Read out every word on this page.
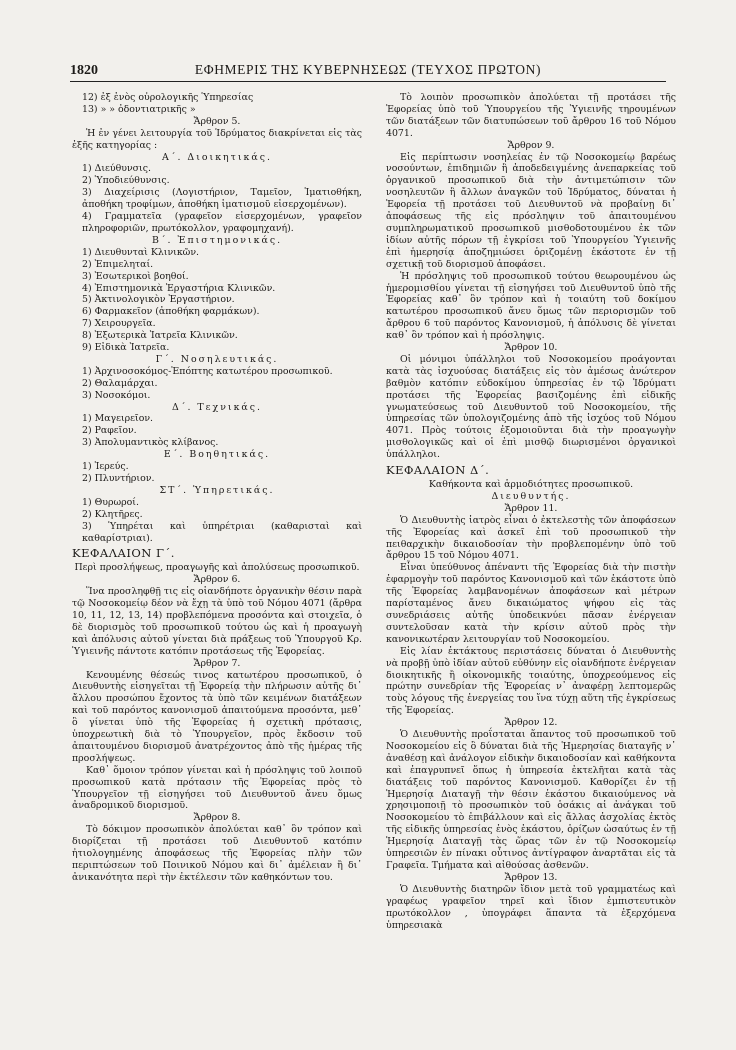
1820	ΕΦΗΜΕΡΙΣ ΤΗΣ ΚΥΒΕΡΝΗΣΕΩΣ (ΤΕΥΧΟΣ ΠΡΩΤΟΝ)

12) ἐξ ἑνὸς οὐρολογικῆς Ὑπηρεσίας

13) » » ὀδοντιατρικῆς »

Ἄρθρον 5.

Ἡ ἐν γένει λειτουργία τοῦ Ἱδρύματος διακρίνεται εἰς τὰς ἑξῆς κατηγορίας :

Α΄. Διοικητικάς.

1) Διεύθυνσις.

2) Ὑποδιεύθυνσις.

3) Διαχείρισις (Λογιστήριον, Ταμεῖον, Ἱματιοθήκη, ἀποθήκη τροφίμων, ἀποθήκη ἱματισμοῦ εἰσερχομένων).

4) Γραμματεῖα (γραφεῖον εἰσερχομένων, γραφεῖον πληροφοριῶν, πρωτόκολλον, γραφομηχανή).

Β΄. Ἐπιστημονικάς.

1) Διευθυνταὶ Κλινικῶν.

2) Ἐπιμεληταί.

3) Ἐσωτερικοὶ βοηθοί.

4) Ἐπιστημονικὰ Ἐργαστήρια Κλινικῶν.

5) Ἀκτινολογικὸν Ἐργαστήριον.

6) Φαρμακεῖον (ἀποθήκη φαρμάκων).

7) Χειρουργεῖα.

8) Ἐξωτερικὰ Ἰατρεῖα Κλινικῶν.

9) Εἰδικὰ Ἰατρεῖα.

Γ΄. Νοσηλευτικάς.

1) Ἀρχινοσοκόμος-Ἐπόπτης κατωτέρου προσωπικοῦ.

2) Θαλαμάρχαι.

3) Νοσοκόμοι.

Δ΄. Τεχνικάς.

1) Μαγειρεῖον.

2) Ραφεῖον.

3) Ἀπολυμαντικὸς κλίβανος.

Ε΄. Βοηθητικάς.

1) Ἱερεύς.

2) Πλυντήριον.

ΣΤ΄. Ὑπηρετικάς.

1) Θυρωροί.

2) Κλητῆρες.

3) Ὑπηρέται καὶ ὑπηρέτριαι (καθαρισταὶ καὶ καθαρίστριαι).

ΚΕΦΑΛΑΙΟΝ Γ΄.

Περὶ προσλήψεως, προαγωγῆς καὶ ἀπολύσεως προσωπικοῦ.

Ἄρθρον 6.

Ἵνα προσληφθῇ τις εἰς οἱανδήποτε ὀργανικὴν θέσιν παρὰ τῷ Νοσοκομείῳ δέον νὰ ἔχῃ τὰ ὑπὸ τοῦ Νόμου 4071 (ἄρθρα 10, 11, 12, 13, 14) προβλεπόμενα προσόντα καὶ στοιχεῖα, ὁ δὲ διορισμὸς τοῦ προσωπικοῦ τούτου ὡς καὶ ἡ προαγωγὴ καὶ ἀπόλυσις αὐτοῦ γίνεται διὰ πράξεως τοῦ Ὑπουργοῦ Κρ. Ὑγιεινῆς πάντοτε κατόπιν προτάσεως τῆς Ἐφορείας.

Ἄρθρον 7.

Κενουμένης θέσεώς τινος κατωτέρου προσωπικοῦ, ὁ Διευθυντὴς εἰσηγεῖται τῇ Ἐφορείᾳ τὴν πλήρωσιν αὐτῆς δι᾽ ἄλλου προσώπου ἔχοντος τὰ ὑπὸ τῶν κειμένων διατάξεων καὶ τοῦ παρόντος κανονισμοῦ ἀπαιτούμενα προσόντα, μεθ᾽ ὃ γίνεται ὑπὸ τῆς Ἐφορείας ἡ σχετικὴ πρότασις, ὑποχρεωτικὴ διὰ τὸ Ὑπουργεῖον, πρὸς ἔκδοσιν τοῦ ἀπαιτουμένου διορισμοῦ ἀνατρέχοντος ἀπὸ τῆς ἡμέρας τῆς προσλήψεως.

Καθ᾽ ὅμοιον τρόπον γίνεται καὶ ἡ πρόσληψις τοῦ λοιποῦ προσωπικοῦ κατὰ πρότασιν τῆς Ἐφορείας πρὸς τὸ Ὑπουργεῖον τῇ εἰσηγήσει τοῦ Διευθυντοῦ ἄνευ ὅμως ἀναδρομικοῦ διορισμοῦ.

Ἄρθρον 8.

Τὸ δόκιμον προσωπικὸν ἀπολύεται καθ᾽ ὃν τρόπον καὶ διορίζεται τῇ προτάσει τοῦ Διευθυντοῦ κατόπιν ἠτιολογημένης ἀποφάσεως τῆς Ἐφορείας πλὴν τῶν περιπτώσεων τοῦ Ποινικοῦ Νόμου καὶ δι᾽ ἀμέλειαν ἢ δι᾽ ἀνικανότητα περὶ τὴν ἐκτέλεσιν τῶν καθηκόντων του.

Τὸ λοιπὸν προσωπικὸν ἀπολύεται τῇ προτάσει τῆς Ἐφορείας ὑπὸ τοῦ Ὑπουργείου τῆς Ὑγιεινῆς τηρουμένων τῶν διατάξεων τῶν διατυπώσεων τοῦ ἄρθρου 16 τοῦ Νόμου 4071.

Ἄρθρον 9.

Εἰς περίπτωσιν νοσηλείας ἐν τῷ Νοσοκομείῳ βαρέως νοσούντων, ἐπιδημιῶν ἢ ἀποδεδειγμένης ἀνεπαρκείας τοῦ ὀργανικοῦ προσωπικοῦ διὰ τὴν ἀντιμετώπισιν τῶν νοσηλευτῶν ἢ ἄλλων ἀναγκῶν τοῦ Ἱδρύματος, δύναται ἡ Ἐφορεία τῇ προτάσει τοῦ Διευθυντοῦ νὰ προβαίνῃ δι᾽ ἀποφάσεως τῆς εἰς πρόσληψιν τοῦ ἀπαιτουμένου συμπληρωματικοῦ προσωπικοῦ μισθοδοτουμένου ἐκ τῶν ἰδίων αὐτῆς πόρων τῇ ἐγκρίσει τοῦ Ὑπουργείου Ὑγιεινῆς ἐπὶ ἡμερησίᾳ ἀποζημιώσει ὁριζομένῃ ἑκάστοτε ἐν τῇ σχετικῇ τοῦ διορισμοῦ ἀποφάσει.

Ἡ πρόσληψις τοῦ προσωπικοῦ τούτου θεωρουμένου ὡς ἡμερομισθίου γίνεται τῇ εἰσηγήσει τοῦ Διευθυντοῦ ὑπὸ τῆς Ἐφορείας καθ᾽ ὃν τρόπον καὶ ἡ τοιαύτη τοῦ δοκίμου κατωτέρου προσωπικοῦ ἄνευ ὅμως τῶν περιορισμῶν τοῦ ἄρθρου 6 τοῦ παρόντος Κανονισμοῦ, ἡ ἀπόλυσις δὲ γίνεται καθ᾽ ὃν τρόπον καὶ ἡ πρόσληψις.

Ἄρθρον 10.

Οἱ μόνιμοι ὑπάλληλοι τοῦ Νοσοκομείου προάγονται κατὰ τὰς ἰσχυούσας διατάξεις εἰς τὸν ἀμέσως ἀνώτερον βαθμὸν κατόπιν εὐδοκίμου ὑπηρεσίας ἐν τῷ Ἱδρύματι προτάσει τῆς Ἐφορείας βασιζομένης ἐπὶ εἰδικῆς γνωματεύσεως τοῦ Διευθυντοῦ τοῦ Νοσοκομείου, τῆς ὑπηρεσίας τῶν ὑπολογιζομένης ἀπὸ τῆς ἰσχύος τοῦ Νόμου 4071. Πρὸς τούτοις ἐξομοιοῦνται διὰ τὴν προαγωγὴν μισθολογικῶς καὶ οἱ ἐπὶ μισθῷ διωρισμένοι ὀργανικοὶ ὑπάλληλοι.

ΚΕΦΑΛΑΙΟΝ Δ΄.

Καθήκοντα καὶ ἁρμοδιότητες προσωπικοῦ.

Διευθυντής.

Ἄρθρον 11.

Ὁ Διευθυντὴς ἰατρὸς εἶναι ὁ ἐκτελεστὴς τῶν ἀποφάσεων τῆς Ἐφορείας καὶ ἀσκεῖ ἐπὶ τοῦ προσωπικοῦ τὴν πειθαρχικὴν δικαιοδοσίαν τὴν προβλεπομένην ὑπὸ τοῦ ἄρθρου 15 τοῦ Νόμου 4071.

Εἶναι ὑπεύθυνος ἀπέναντι τῆς Ἐφορείας διὰ τὴν πιστὴν ἐφαρμογὴν τοῦ παρόντος Κανονισμοῦ καὶ τῶν ἑκάστοτε ὑπὸ τῆς Ἐφορείας λαμβανομένων ἀποφάσεων καὶ μέτρων παρίσταμένος ἄνευ δικαιώματος ψήφου εἰς τὰς συνεδριάσεις αὐτῆς ὑποδεικνύει πᾶσαν ἐνέργειαν συντελοῦσαν κατὰ τὴν κρίσιν αὐτοῦ πρὸς τὴν κανονικωτέραν λειτουργίαν τοῦ Νοσοκομείου.

Εἰς λίαν ἐκτάκτους περιστάσεις δύναται ὁ Διευθυντὴς νὰ προβῇ ὑπὸ ἰδίαν αὐτοῦ εὐθύνην εἰς οἱανδήποτε ἐνέργειαν διοικητικῆς ἢ οἰκονομικῆς τοιαύτης, ὑποχρεούμενος εἰς πρώτην συνεδρίαν τῆς Ἐφορείας ν᾽ ἀναφέρῃ λεπτομερῶς τοὺς λόγους τῆς ἐνεργείας του ἵνα τύχῃ αὕτη τῆς ἐγκρίσεως τῆς Ἐφορείας.

Ἄρθρον 12.

Ὁ Διευθυντὴς προΐσταται ἅπαντος τοῦ προσωπικοῦ τοῦ Νοσοκομείου εἰς ὃ δύναται διὰ τῆς Ἡμερησίας διαταγῆς ν᾽ ἀναθέσῃ καὶ ἀνάλογον εἰδικὴν δικαιοδοσίαν καὶ καθήκοντα καὶ ἐπαγρυπνεῖ ὅπως ἡ ὑπηρεσία ἐκτελῆται κατὰ τὰς διατάξεις τοῦ παρόντος Κανονισμοῦ. Καθορίζει ἐν τῇ Ἡμερησίᾳ Διαταγῇ τὴν θέσιν ἑκάστου δικαιούμενος νὰ χρησιμοποιῇ τὸ προσωπικὸν τοῦ ὁσάκις αἱ ἀνάγκαι τοῦ Νοσοκομείου τὸ ἐπιβάλλουν καὶ εἰς ἄλλας ἀσχολίας ἐκτὸς τῆς εἰδικῆς ὑπηρεσίας ἑνὸς ἑκάστου, ὁρίζων ὡσαύτως ἐν τῇ Ἡμερησίᾳ Διαταγῇ τὰς ὥρας τῶν ἐν τῷ Νοσοκομείῳ ὑπηρεσιῶν ἐν πίνακι οὗτινος ἀντίγραφον ἀναρτᾶται εἰς τὰ Γραφεῖα. Τμήματα καὶ αἰθούσας ἀσθενῶν.

Ἄρθρον 13.

Ὁ Διευθυντὴς διατηρῶν ἴδιον μετὰ τοῦ γραμματέως καὶ γραφέως γραφεῖον τηρεῖ καὶ ἴδιον ἐμπιστευτικὸν πρωτόκολλον , ὑπογράφει ἅπαντα τὰ ἐξερχόμενα ὑπηρεσιακὰ
